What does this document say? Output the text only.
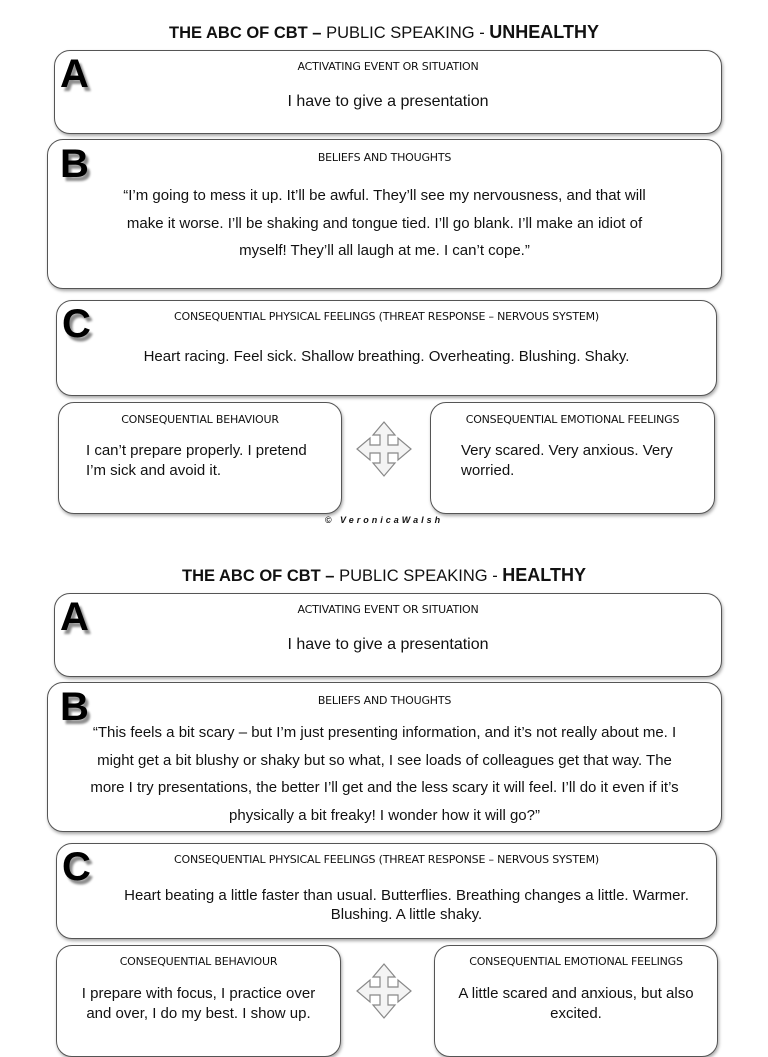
THE ABC OF CBT – PUBLIC SPEAKING - UNHEALTHY
ACTIVATING EVENT OR SITUATION
I have to give a presentation
A
BELIEFS AND THOUGHTS
“I’m going to mess it up. It’ll be awful. They’ll see my nervousness, and that will
make it worse. I’ll be shaking and tongue tied. I’ll go blank. I’ll make an idiot of
myself! They’ll all laugh at me. I can’t cope.”
B
CONSEQUENTIAL PHYSICAL FEELINGS (THREAT RESPONSE – NERVOUS SYSTEM)
Heart racing. Feel sick. Shallow breathing. Overheating. Blushing. Shaky.
C
CONSEQUENTIAL BEHAVIOUR
I can’t prepare properly. I pretend
I’m sick and avoid it.
CONSEQUENTIAL EMOTIONAL FEELINGS
Very scared. Very anxious. Very
worried.
© VeronicaWalsh
THE ABC OF CBT – PUBLIC SPEAKING - HEALTHY
ACTIVATING EVENT OR SITUATION
I have to give a presentation
A
BELIEFS AND THOUGHTS
“This feels a bit scary – but I’m just presenting information, and it’s not really about me. I
might get a bit blushy or shaky but so what, I see loads of colleagues get that way. The
more I try presentations, the better I’ll get and the less scary it will feel. I’ll do it even if it’s
physically a bit freaky! I wonder how it will go?”
B
CONSEQUENTIAL PHYSICAL FEELINGS (THREAT RESPONSE – NERVOUS SYSTEM)
Heart beating a little faster than usual. Butterflies. Breathing changes a little. Warmer.
Blushing. A little shaky.
C
CONSEQUENTIAL BEHAVIOUR
I prepare with focus, I practice over
and over, I do my best. I show up.
CONSEQUENTIAL EMOTIONAL FEELINGS
A little scared and anxious, but also
excited.
